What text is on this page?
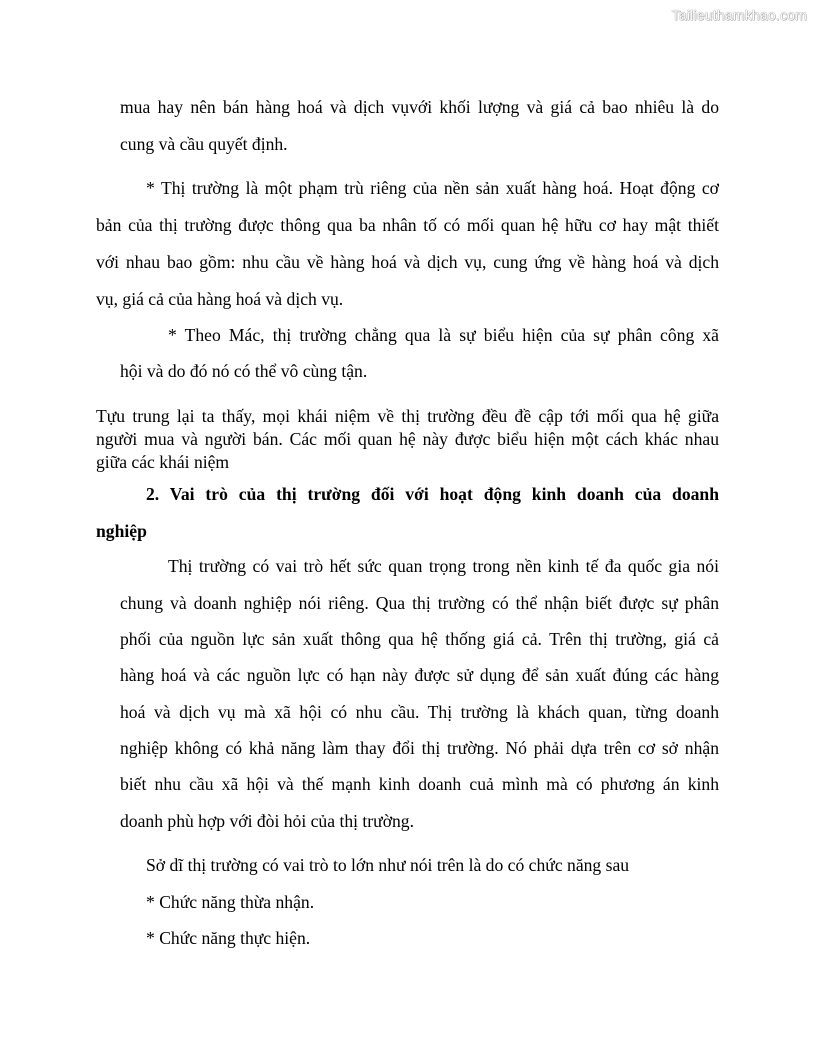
Tailieuthamkhao.com

mua hay nên bán hàng hoá và dịch vụvới khối lượng và giá cả bao nhiêu là do

cung và cầu quyết định.

* Thị trường là một phạm trù riêng của nền sản xuất hàng hoá. Hoạt động cơ

bản của thị trường được thông qua ba nhân tố có mối quan hệ hữu cơ hay mật thiết

với nhau bao gồm: nhu cầu về hàng hoá và dịch vụ, cung ứng về hàng hoá và dịch

vụ, giá cả của hàng hoá và dịch vụ.

* Theo Mác, thị trường chẳng qua là sự biểu hiện của sự phân công xã

hội và do đó nó có thể vô cùng tận.

Tựu trung lại ta thấy, mọi khái niệm về thị trường đều đề cập tới mối qua hệ giữa

người mua và người bán. Các mối quan hệ này được biểu hiện một cách khác nhau

giữa các khái niệm

2. Vai trò của thị trường đối với hoạt động kinh doanh của doanh

nghiệp

Thị trường có vai trò hết sức quan trọng trong nền kinh tế đa quốc gia nói

chung và doanh nghiệp nói riêng. Qua thị trường có thể nhận biết được sự phân

phối của nguồn lực sản xuất thông qua hệ thống giá cả. Trên thị trường, giá cả

hàng hoá và các nguồn lực có hạn này được sử dụng để sản xuất đúng các hàng

hoá và dịch vụ mà xã hội có nhu cầu. Thị trường là khách quan, từng doanh

nghiệp không có khả năng làm thay đổi thị trường. Nó phải dựa trên cơ sở nhận

biết nhu cầu xã hội và thế mạnh kinh doanh cuả mình mà có phương án kinh

doanh phù hợp với đòi hỏi của thị trường.

Sở dĩ thị trường có vai trò to lớn như nói trên là do có chức năng sau

* Chức năng thừa nhận.

* Chức năng thực hiện.
